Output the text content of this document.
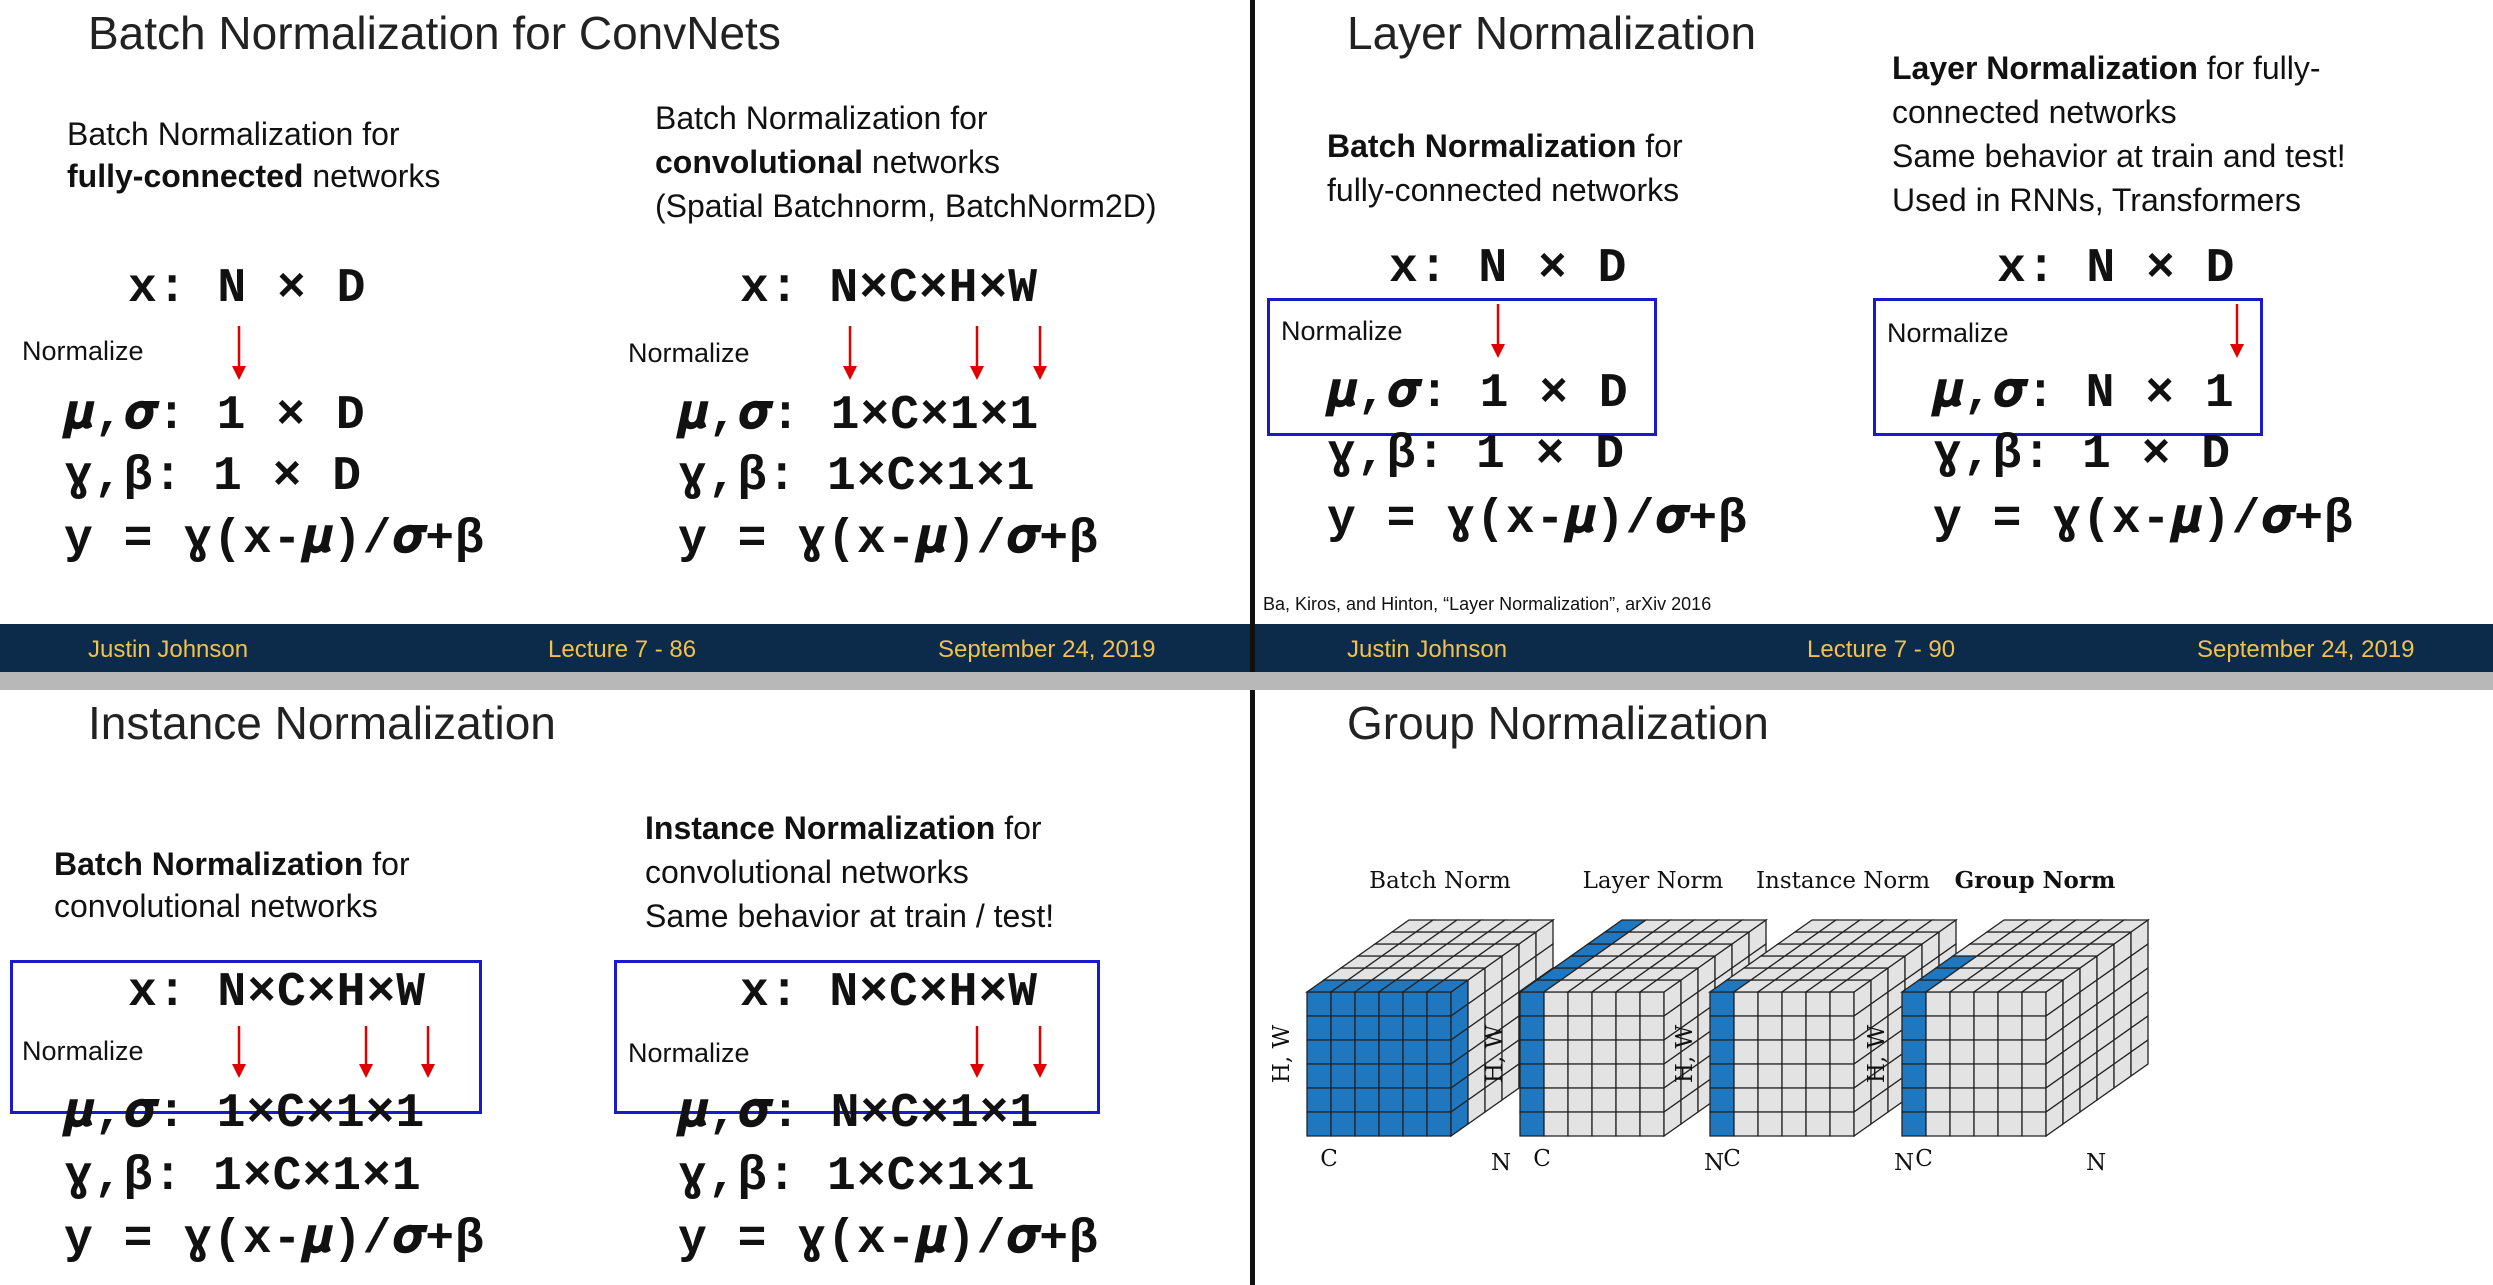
Batch Normalization for ConvNets
Batch Normalization for
fully-connected networks
x: N × D
Normalize
𝝁,𝝈: 1 × D
ɣ,β: 1 × D
y = ɣ(x-𝝁)/𝝈+β
Batch Normalization for
convolutional networks
(Spatial Batchnorm, BatchNorm2D)
x: N×C×H×W
Normalize
𝝁,𝝈: 1×C×1×1
ɣ,β: 1×C×1×1
y = ɣ(x-𝝁)/𝝈+β
Justin Johnson	Lecture 7 - 86	September 24, 2019
Layer Normalization
Batch Normalization for
fully-connected networks
x: N × D
Normalize
𝝁,𝝈: 1 × D
ɣ,β: 1 × D
y = ɣ(x-𝝁)/𝝈+β
Layer Normalization for fully-
connected networks
Same behavior at train and test!
Used in RNNs, Transformers
x: N × D
Normalize
𝝁,𝝈: N × 1
ɣ,β: 1 × D
y = ɣ(x-𝝁)/𝝈+β
Ba, Kiros, and Hinton, “Layer Normalization”, arXiv 2016
Justin Johnson	Lecture 7 - 90	September 24, 2019
Instance Normalization
Batch Normalization for
convolutional networks
x: N×C×H×W
Normalize
𝝁,𝝈: 1×C×1×1
ɣ,β: 1×C×1×1
y = ɣ(x-𝝁)/𝝈+β
Instance Normalization for
convolutional networks
Same behavior at train / test!
x: N×C×H×W
Normalize
𝝁,𝝈: N×C×1×1
ɣ,β: 1×C×1×1
y = ɣ(x-𝝁)/𝝈+β
Group Normalization
Batch Norm
H, W
C	N
Layer Norm
H, W
C	N
Instance Norm
H, W
C	N
Group Norm
H, W
C	N
